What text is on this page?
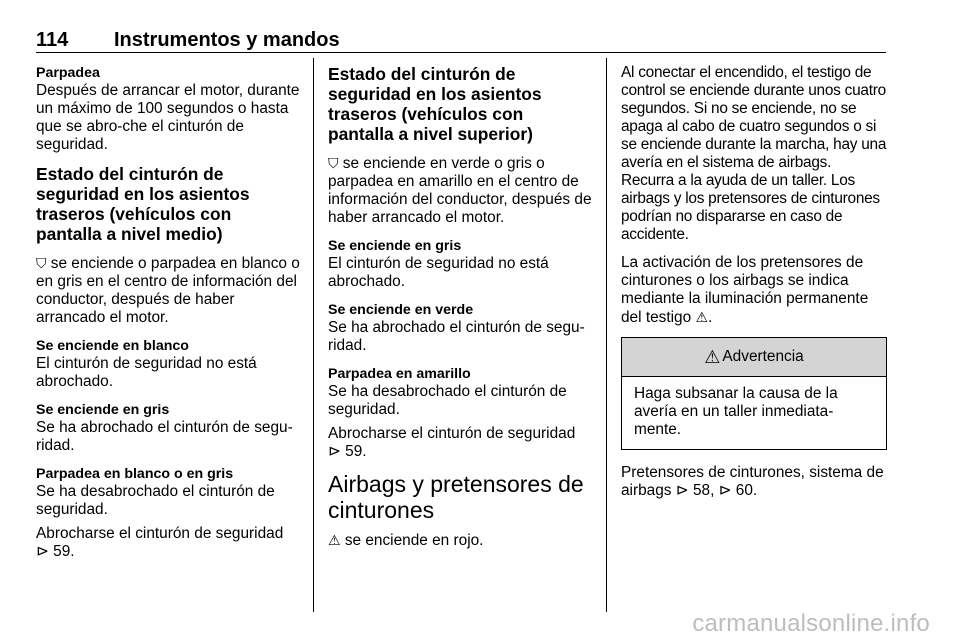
114	Instrumentos y mandos
Parpadea

Después de arrancar el motor, durante un máximo de 100 segundos o hasta que se abro-che el cinturón de seguridad.

Estado del cinturón de seguridad en los asientos traseros (vehículos con pantalla a nivel medio)
⛉ se enciende o parpadea en blanco o en gris en el centro de información del conductor, después de haber arrancado el motor.
Se enciende en blanco

El cinturón de seguridad no está abrochado.

Se enciende en gris

Se ha abrochado el cinturón de segu-ridad.

Parpadea en blanco o en gris

Se ha desabrochado el cinturón de seguridad.

Abrocharse el cinturón de seguridad

⊳ 59.

Estado del cinturón de seguridad en los asientos traseros (vehículos con pantalla a nivel superior)
⛉ se enciende en verde o gris o parpadea en amarillo en el centro de información del conductor, después de haber arrancado el motor.
Se enciende en gris

El cinturón de seguridad no está abrochado.

Se enciende en verde

Se ha abrochado el cinturón de segu-ridad.

Parpadea en amarillo

Se ha desabrochado el cinturón de seguridad.

Abrocharse el cinturón de seguridad

⊳ 59.

Airbags y pretensores de cinturones
⚠ se enciende en rojo.

Al conectar el encendido, el testigo de control se enciende durante unos cuatro segundos. Si no se enciende, no se apaga al cabo de cuatro segundos o si se enciende durante la marcha, hay una avería en el sistema de airbags. Recurra a la ayuda de un taller. Los airbags y los pretensores de cinturones podrían no dispararse en caso de accidente.

La activación de los pretensores de cinturones o los airbags se indica mediante la iluminación permanente del testigo ⚠.
⚠ Advertencia
Haga subsanar la causa de la avería en un taller inmediata-mente.
Pretensores de cinturones, sistema de airbags ⊳ 58, ⊳ 60.
carmanualsonline.info
